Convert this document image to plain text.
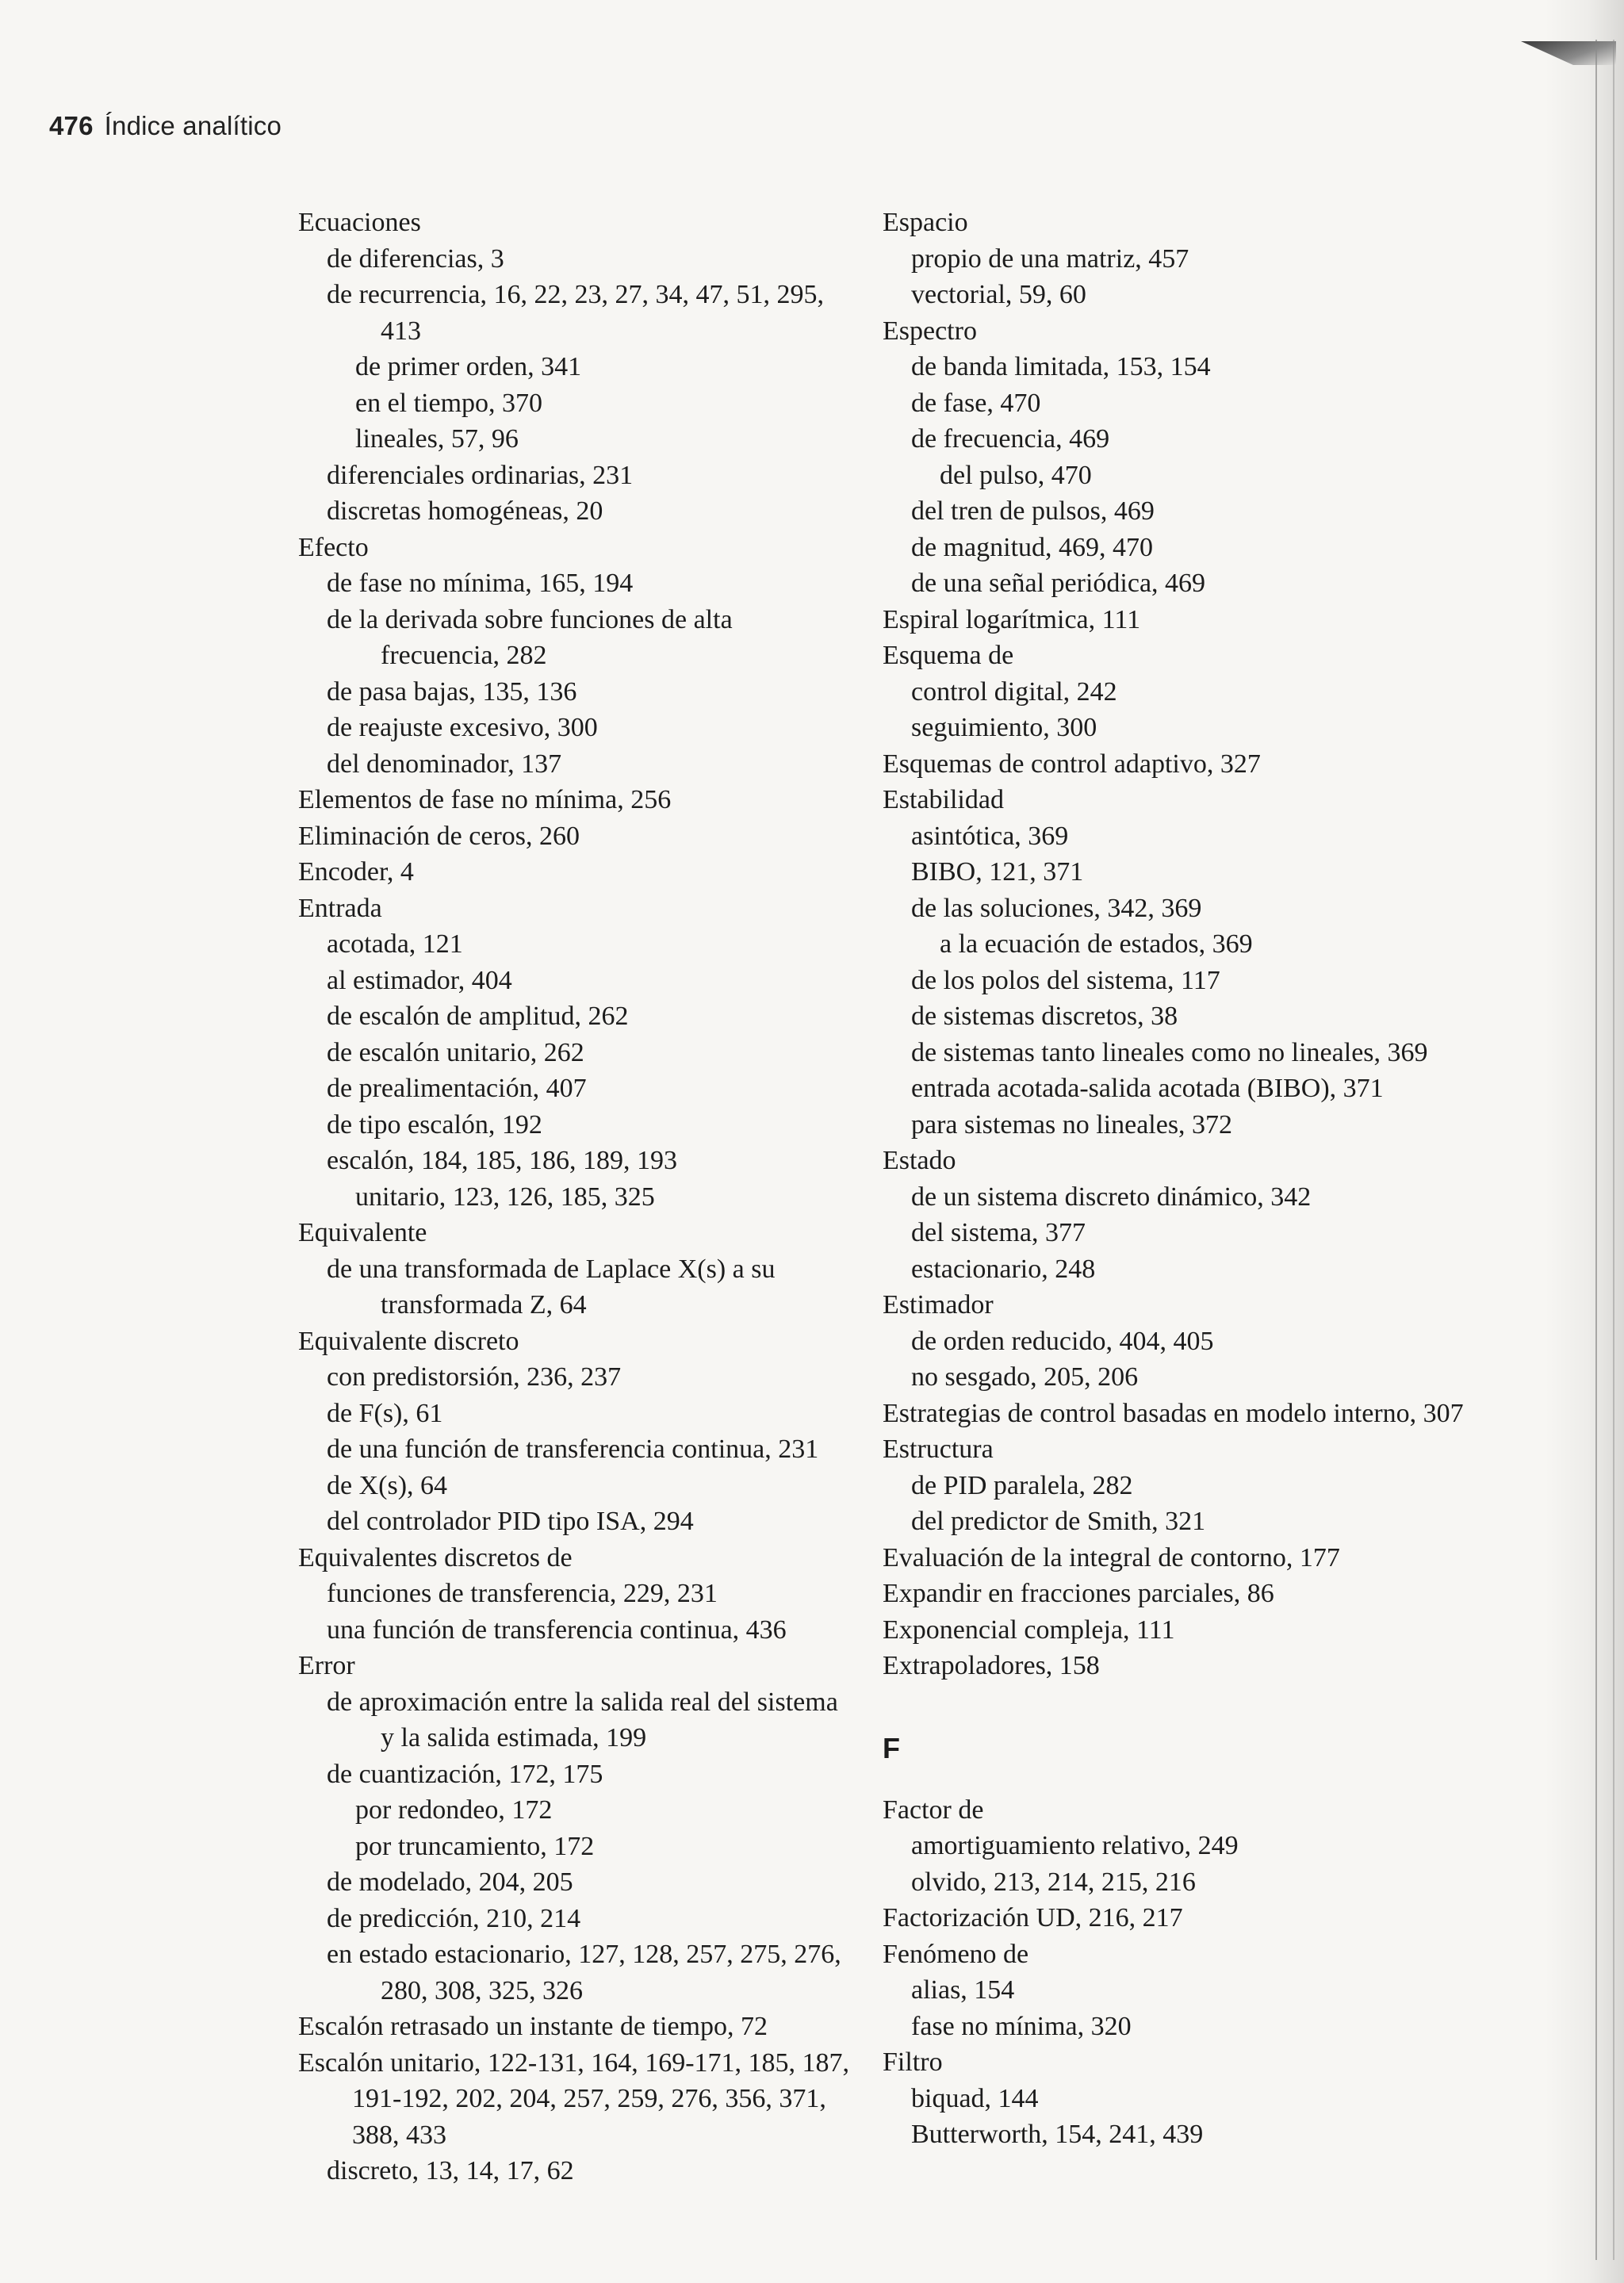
476 Índice analítico
Ecuaciones
de diferencias, 3
de recurrencia, 16, 22, 23, 27, 34, 47, 51, 295, 413
de primer orden, 341
en el tiempo, 370
lineales, 57, 96
diferenciales ordinarias, 231
discretas homogéneas, 20
Efecto
de fase no mínima, 165, 194
de la derivada sobre funciones de alta frecuencia, 282
de pasa bajas, 135, 136
de reajuste excesivo, 300
del denominador, 137
Elementos de fase no mínima, 256
Eliminación de ceros, 260
Encoder, 4
Entrada
acotada, 121
al estimador, 404
de escalón de amplitud, 262
de escalón unitario, 262
de prealimentación, 407
de tipo escalón, 192
escalón, 184, 185, 186, 189, 193
unitario, 123, 126, 185, 325
Equivalente
de una transformada de Laplace X(s) a su transformada Z, 64
Equivalente discreto
con predistorsión, 236, 237
de F(s), 61
de una función de transferencia continua, 231
de X(s), 64
del controlador PID tipo ISA, 294
Equivalentes discretos de
funciones de transferencia, 229, 231
una función de transferencia continua, 436
Error
de aproximación entre la salida real del sistema y la salida estimada, 199
de cuantización, 172, 175
por redondeo, 172
por truncamiento, 172
de modelado, 204, 205
de predicción, 210, 214
en estado estacionario, 127, 128, 257, 275, 276, 280, 308, 325, 326
Escalón retrasado un instante de tiempo, 72
Escalón unitario, 122-131, 164, 169-171, 185, 187, 191-192, 202, 204, 257, 259, 276, 356, 371, 388, 433
discreto, 13, 14, 17, 62
Espacio
propio de una matriz, 457
vectorial, 59, 60
Espectro
de banda limitada, 153, 154
de fase, 470
de frecuencia, 469
del pulso, 470
del tren de pulsos, 469
de magnitud, 469, 470
de una señal periódica, 469
Espiral logarítmica, 111
Esquema de
control digital, 242
seguimiento, 300
Esquemas de control adaptivo, 327
Estabilidad
asintótica, 369
BIBO, 121, 371
de las soluciones, 342, 369
a la ecuación de estados, 369
de los polos del sistema, 117
de sistemas discretos, 38
de sistemas tanto lineales como no lineales, 369
entrada acotada-salida acotada (BIBO), 371
para sistemas no lineales, 372
Estado
de un sistema discreto dinámico, 342
del sistema, 377
estacionario, 248
Estimador
de orden reducido, 404, 405
no sesgado, 205, 206
Estrategias de control basadas en modelo interno, 307
Estructura
de PID paralela, 282
del predictor de Smith, 321
Evaluación de la integral de contorno, 177
Expandir en fracciones parciales, 86
Exponencial compleja, 111
Extrapoladores, 158
F
Factor de
amortiguamiento relativo, 249
olvido, 213, 214, 215, 216
Factorización UD, 216, 217
Fenómeno de
alias, 154
fase no mínima, 320
Filtro
biquad, 144
Butterworth, 154, 241, 439
